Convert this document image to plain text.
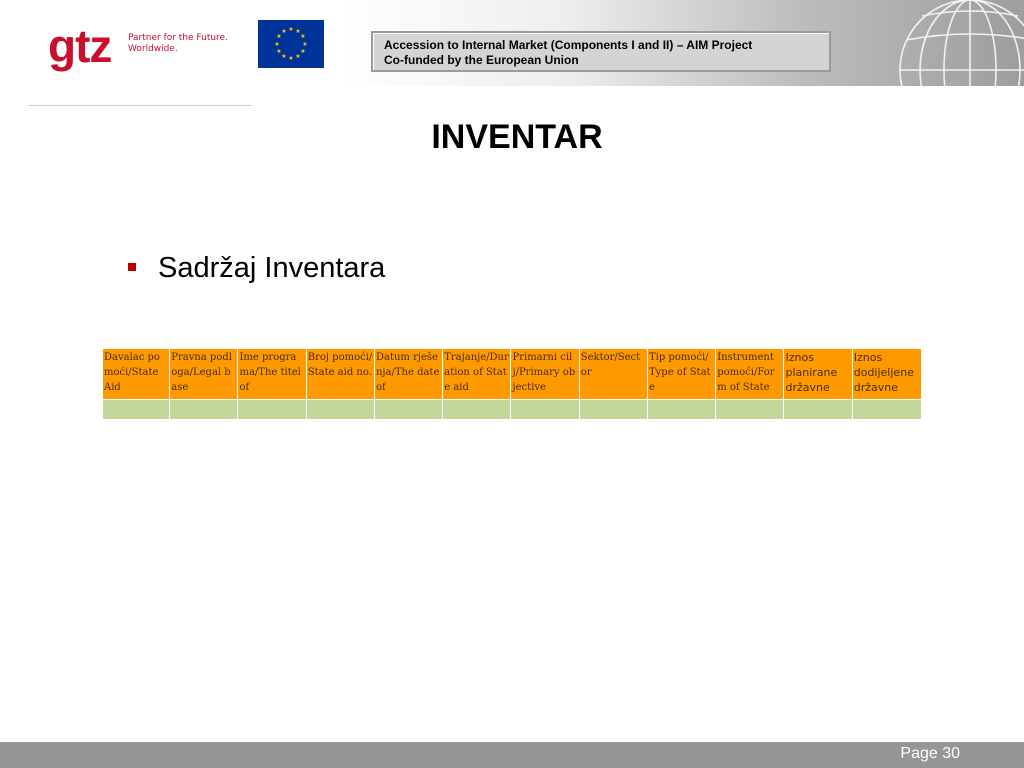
gtz Partner for the Future.
Worldwide.
★ ★
★
★
★
★
★
★
★
★
★
★
Accession to Internal Market (Components I and II) – AIM Project
Co-funded by the European Union
INVENTAR
Sadržaj Inventara
Davalac pomoći/State Aid	Pravna podloga/Legal base	Ime programa/The titel of	Broj pomoći/State aid no.	Datum rješenja/The date of	Trajanje/Duration of State aid	Primarni cilj/Primary objective	Sektor/Sector	Tip pomoći/Type of State	Instrument pomoći/Form of State	Iznos planirane državne	Iznos dodijeljene državne

Page 30
